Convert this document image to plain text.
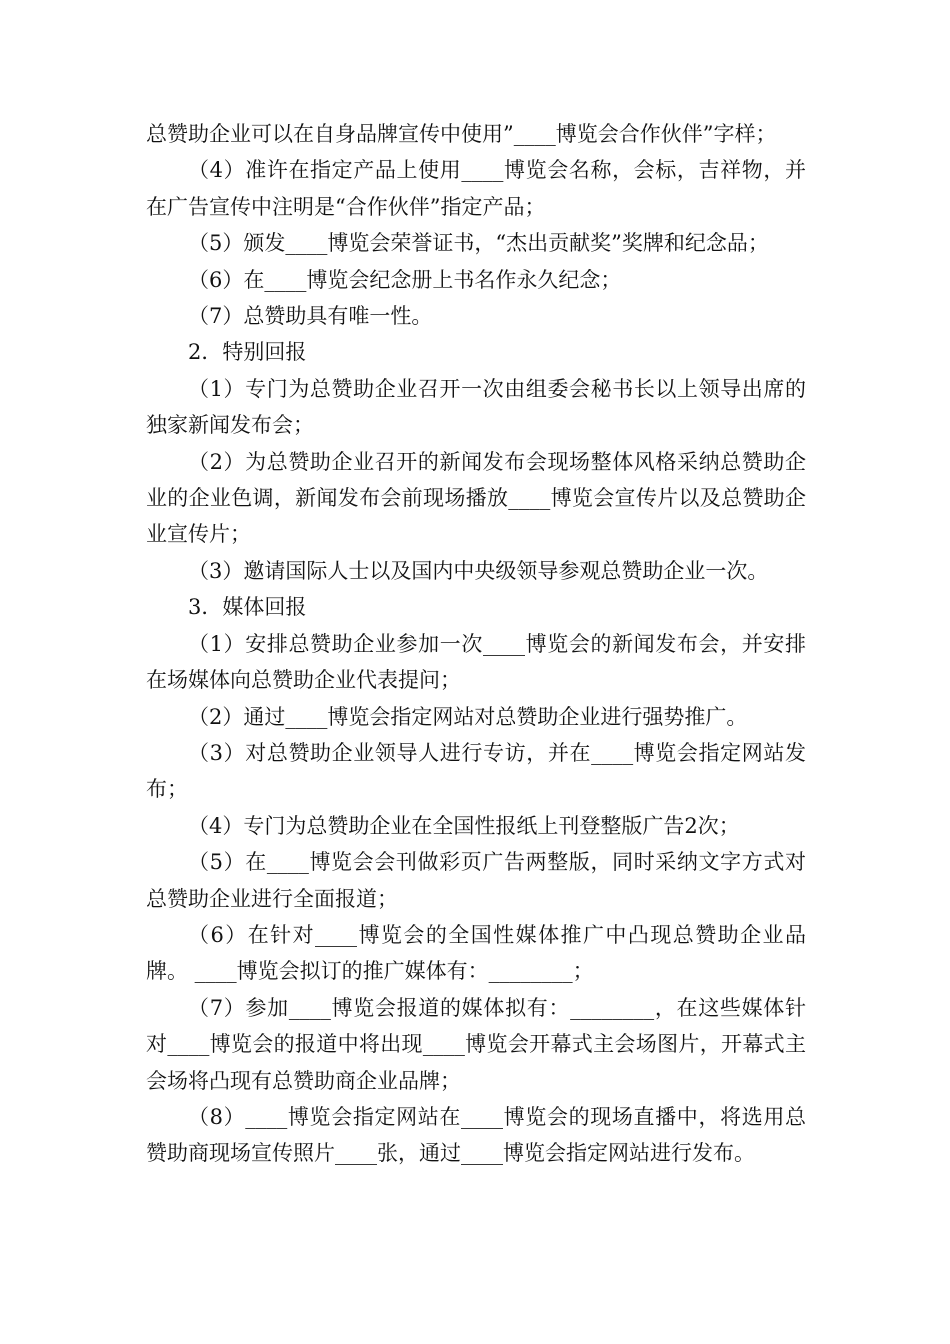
总赞助企业可以在自身品牌宣传中使用”____博览会合作伙伴”字样；

（4）准许在指定产品上使用____博览会名称，会标，吉祥物，并在广告宣传中注明是“合作伙伴”指定产品；

（5）颁发____博览会荣誉证书，“杰出贡献奖”奖牌和纪念品；

（6）在____博览会纪念册上书名作永久纪念；

（7）总赞助具有唯一性。

2．特别回报

（1）专门为总赞助企业召开一次由组委会秘书长以上领导出席的独家新闻发布会；

（2）为总赞助企业召开的新闻发布会现场整体风格采纳总赞助企业的企业色调，新闻发布会前现场播放____博览会宣传片以及总赞助企业宣传片；

（3）邀请国际人士以及国内中央级领导参观总赞助企业一次。

3．媒体回报

（1）安排总赞助企业参加一次____博览会的新闻发布会，并安排在场媒体向总赞助企业代表提问；

（2）通过____博览会指定网站对总赞助企业进行强势推广。

（3）对总赞助企业领导人进行专访，并在____博览会指定网站发布；

（4）专门为总赞助企业在全国性报纸上刊登整版广告2次；

（5）在____博览会会刊做彩页广告两整版，同时采纳文字方式对总赞助企业进行全面报道；

（6）在针对____博览会的全国性媒体推广中凸现总赞助企业品牌。 ____博览会拟订的推广媒体有：________；

（7）参加____博览会报道的媒体拟有：________，在这些媒体针对____博览会的报道中将出现____博览会开幕式主会场图片，开幕式主会场将凸现有总赞助商企业品牌；

（8）____博览会指定网站在____博览会的现场直播中，将选用总赞助商现场宣传照片____张，通过____博览会指定网站进行发布。
